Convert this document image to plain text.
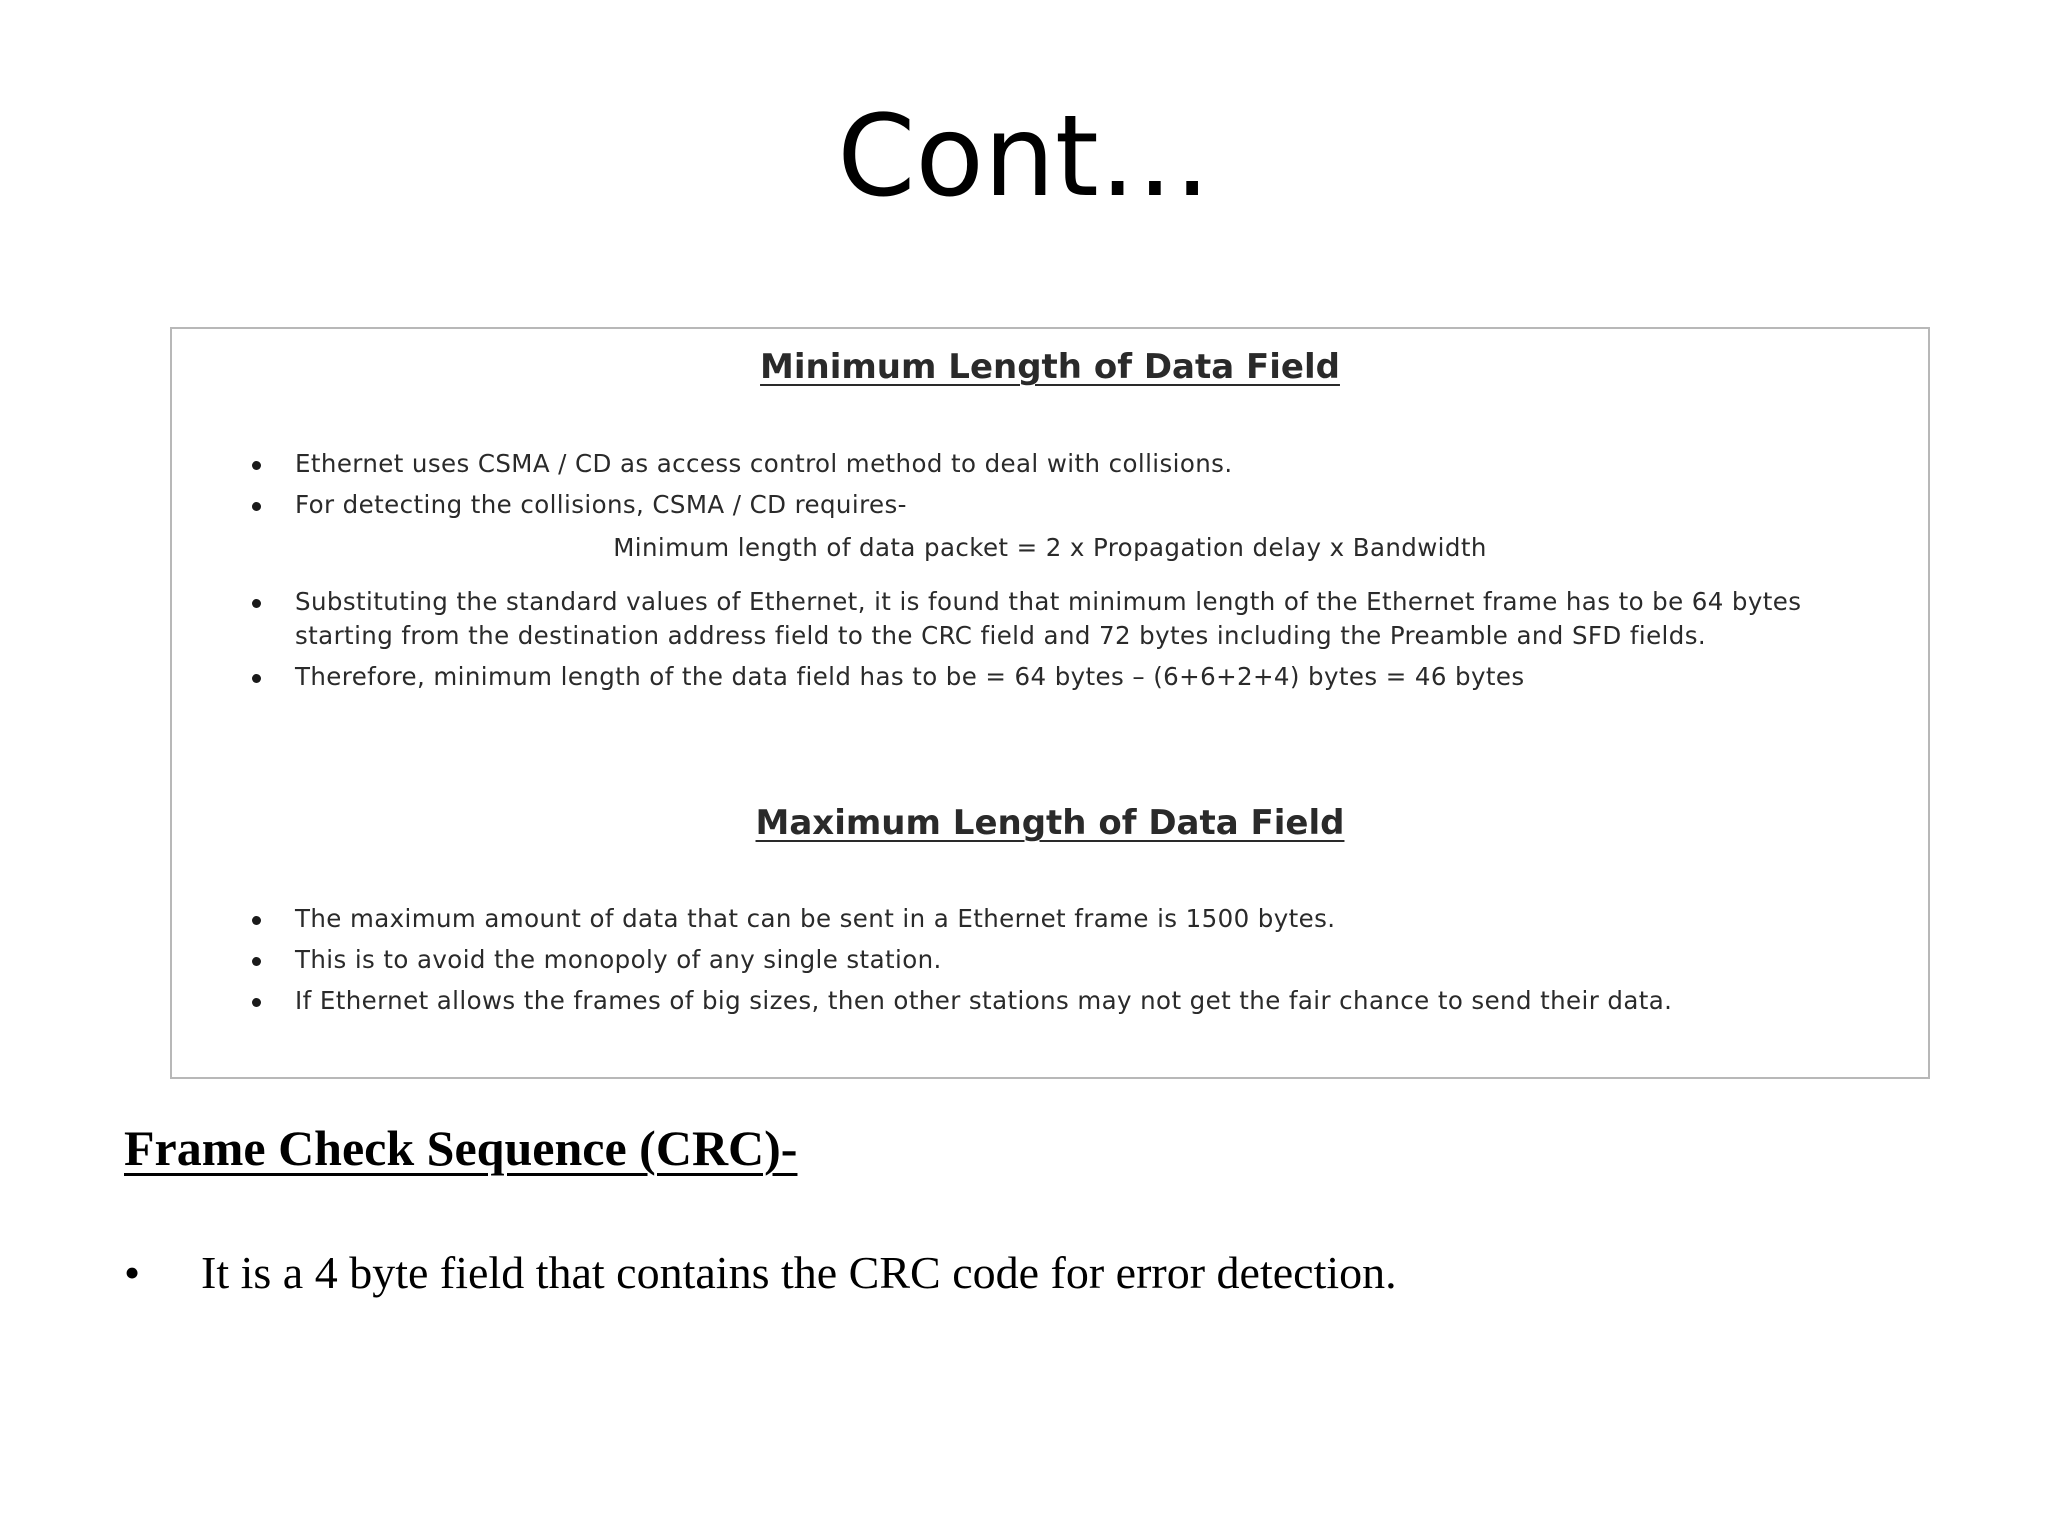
Cont…
Minimum Length of Data Field
Ethernet uses CSMA / CD as access control method to deal with collisions.
For detecting the collisions, CSMA / CD requires-

Minimum length of data packet = 2 x Propagation delay x Bandwidth

Substituting the standard values of Ethernet, it is found that minimum length of the Ethernet frame has to be 64 bytes starting from the destination address field to the CRC field and 72 bytes including the Preamble and SFD fields.
Therefore, minimum length of the data field has to be = 64 bytes – (6+6+2+4) bytes = 46 bytes
Maximum Length of Data Field
The maximum amount of data that can be sent in a Ethernet frame is 1500 bytes.
This is to avoid the monopoly of any single station.
If Ethernet allows the frames of big sizes, then other stations may not get the fair chance to send their data.
Frame Check Sequence (CRC)-

• It is a 4 byte field that contains the CRC code for error detection.
